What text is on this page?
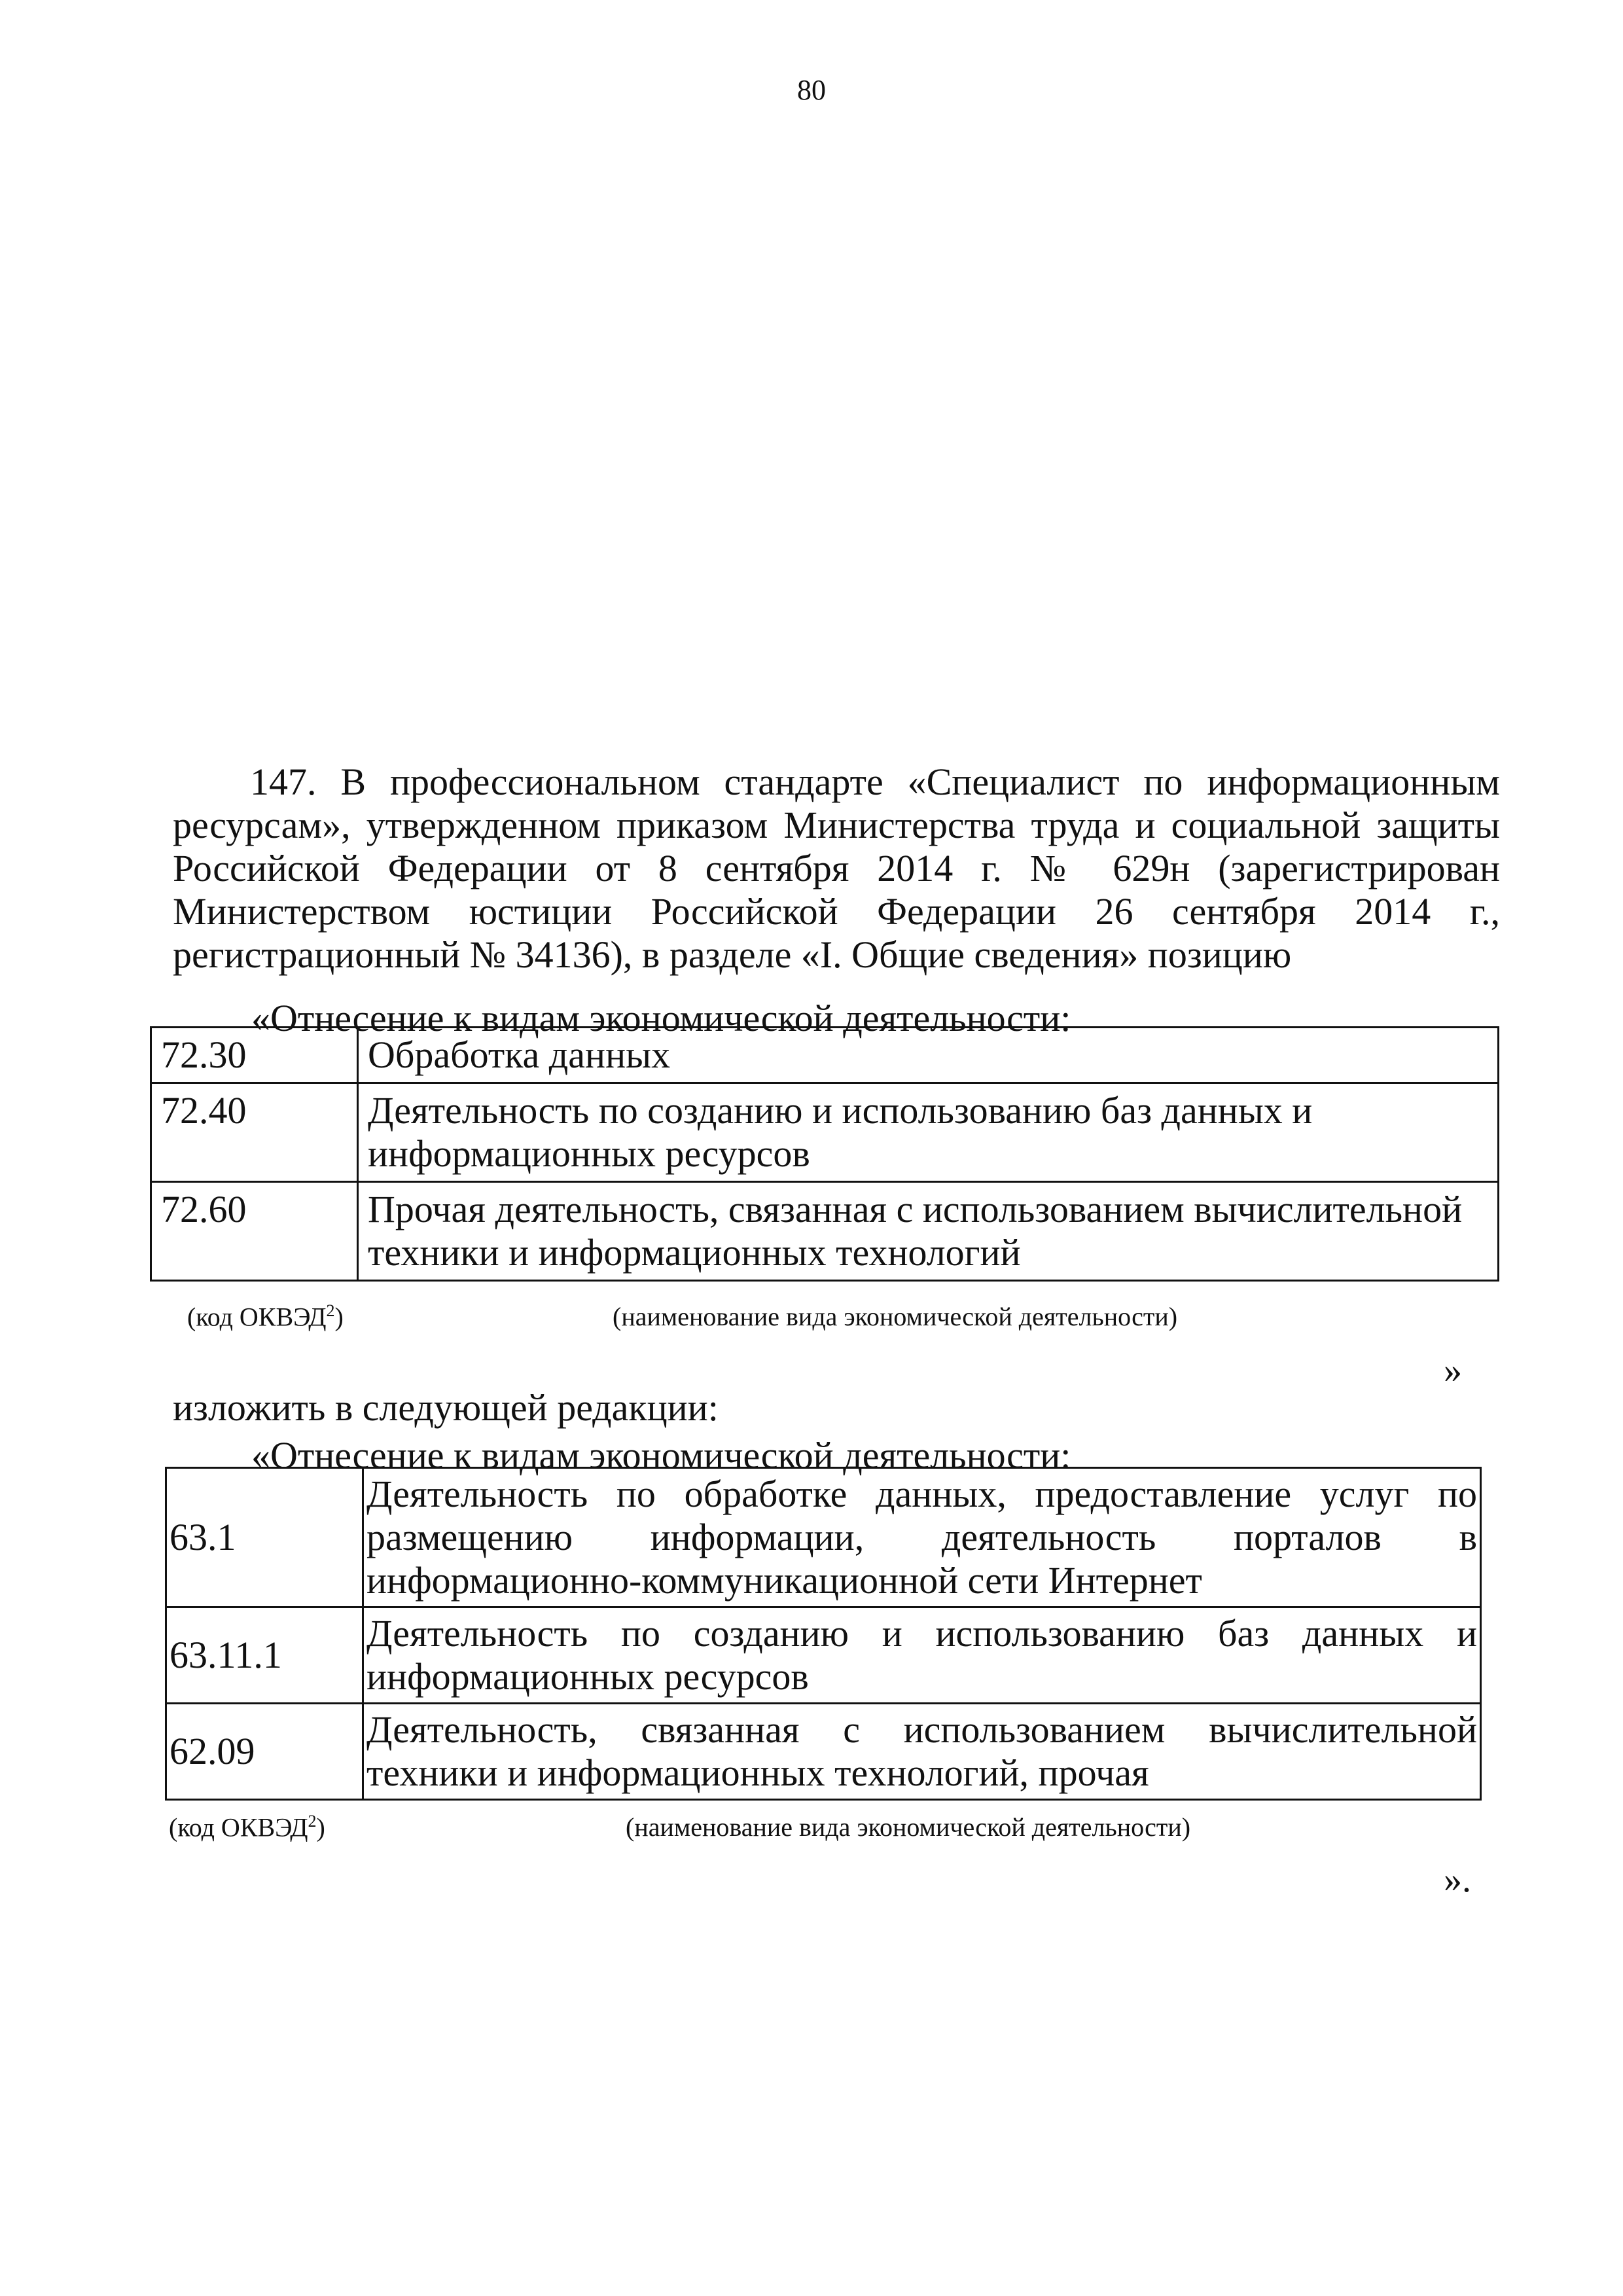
80
147. В профессиональном стандарте «Специалист по информационным ресурсам», утвержденном приказом Министерства труда и социальной защиты Российской Федерации от 8 сентября 2014 г. № 629н (зарегистрирован Министерством юстиции Российской Федерации 26 сентября 2014 г., регистрационный № 34136), в разделе «I. Общие сведения» позицию
«Отнесение к видам экономической деятельности:
72.30	Обработка данных
72.40	Деятельность по созданию и использованию баз данных и информационных ресурсов
72.60	Прочая деятельность, связанная с использованием вычислительной техники и информационных технологий
(код ОКВЭД$^2$)	(наименование вида экономической деятельности)
»
изложить в следующей редакции:
«Отнесение к видам экономической деятельности:
63.1	Деятельность по обработке данных, предоставление услуг по размещению информации, деятельность порталов в информационно-коммуникационной сети Интернет
63.11.1	Деятельность по созданию и использованию баз данных и информационных ресурсов
62.09	Деятельность, связанная с использованием вычислительной техники и информационных технологий, прочая
(код ОКВЭД$^2$)	(наименование вида экономической деятельности)
».
